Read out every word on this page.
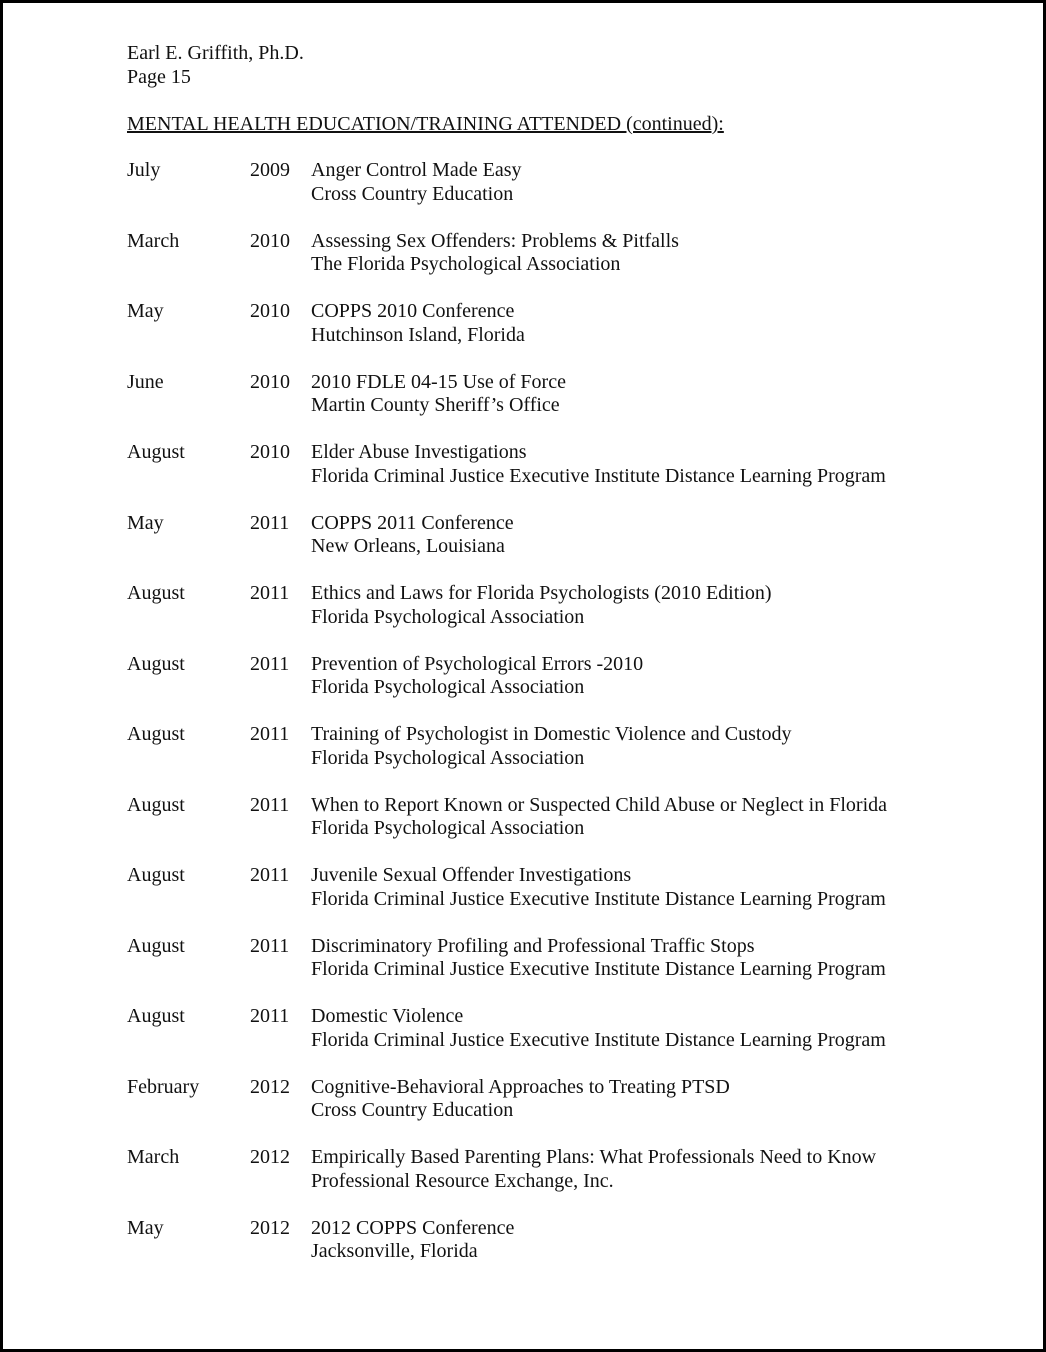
Earl E. Griffith, Ph.D.
Page 15
MENTAL HEALTH EDUCATION/TRAINING ATTENDED (continued):
July	2009 Anger Control Made Easy
Cross Country Education
March	2010 Assessing Sex Offenders: Problems & Pitfalls
The Florida Psychological Association
May	2010 COPPS 2010 Conference
Hutchinson Island, Florida
June	2010 2010 FDLE 04-15 Use of Force
Martin County Sheriff’s Office
August	2010 Elder Abuse Investigations
Florida Criminal Justice Executive Institute Distance Learning Program
May	2011 COPPS 2011 Conference
New Orleans, Louisiana
August	2011 Ethics and Laws for Florida Psychologists (2010 Edition)
Florida Psychological Association
August	2011 Prevention of Psychological Errors -2010
Florida Psychological Association
August	2011 Training of Psychologist in Domestic Violence and Custody
Florida Psychological Association
August	2011 When to Report Known or Suspected Child Abuse or Neglect in Florida
Florida Psychological Association
August	2011 Juvenile Sexual Offender Investigations
Florida Criminal Justice Executive Institute Distance Learning Program
August	2011 Discriminatory Profiling and Professional Traffic Stops
Florida Criminal Justice Executive Institute Distance Learning Program
August	2011 Domestic Violence
Florida Criminal Justice Executive Institute Distance Learning Program
February	2012 Cognitive-Behavioral Approaches to Treating PTSD
Cross Country Education
March	2012 Empirically Based Parenting Plans: What Professionals Need to Know
Professional Resource Exchange, Inc.
May	2012 2012 COPPS Conference
Jacksonville, Florida
